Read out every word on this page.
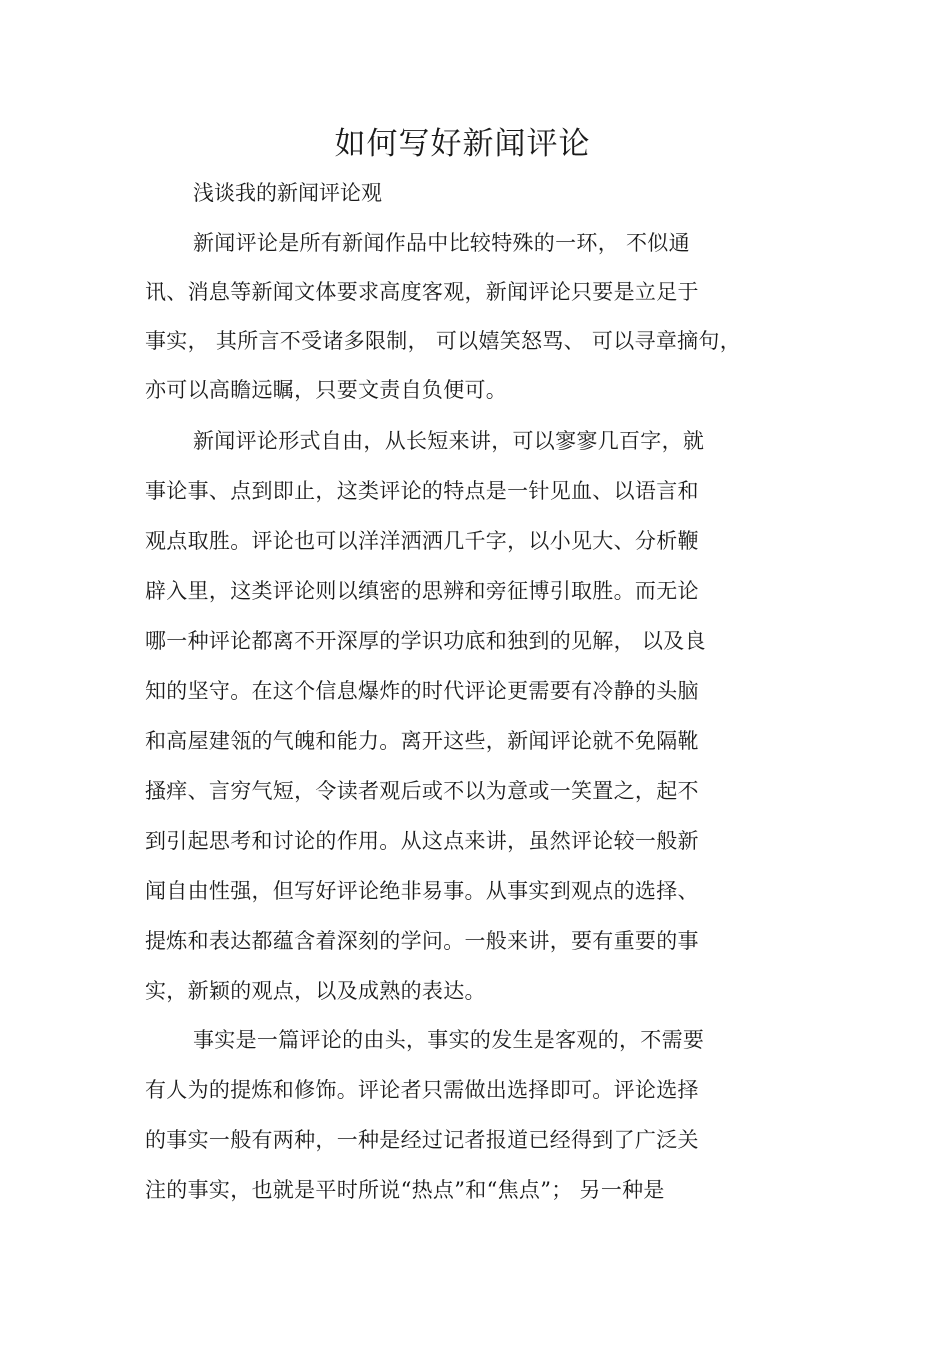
如何写好新闻评论
浅谈我的新闻评论观
新闻评论是所有新闻作品中比较特殊的一环， 不似通
讯、消息等新闻文体要求高度客观，新闻评论只要是立足于
事实， 其所言不受诸多限制， 可以嬉笑怒骂、 可以寻章摘句，
亦可以高瞻远瞩，只要文责自负便可。
新闻评论形式自由，从长短来讲，可以寥寥几百字，就
事论事、点到即止，这类评论的特点是一针见血、以语言和
观点取胜。评论也可以洋洋洒洒几千字，以小见大、分析鞭
辟入里，这类评论则以缜密的思辨和旁征博引取胜。而无论
哪一种评论都离不开深厚的学识功底和独到的见解， 以及良
知的坚守。在这个信息爆炸的时代评论更需要有冷静的头脑
和高屋建瓴的气魄和能力。离开这些，新闻评论就不免隔靴
搔痒、言穷气短，令读者观后或不以为意或一笑置之，起不
到引起思考和讨论的作用。从这点来讲，虽然评论较一般新
闻自由性强，但写好评论绝非易事。从事实到观点的选择、
提炼和表达都蕴含着深刻的学问。一般来讲，要有重要的事
实，新颖的观点，以及成熟的表达。
事实是一篇评论的由头，事实的发生是客观的，不需要
有人为的提炼和修饰。评论者只需做出选择即可。评论选择
的事实一般有两种，一种是经过记者报道已经得到了广泛关
注的事实，也就是平时所说“热点”和“焦点”； 另一种是
